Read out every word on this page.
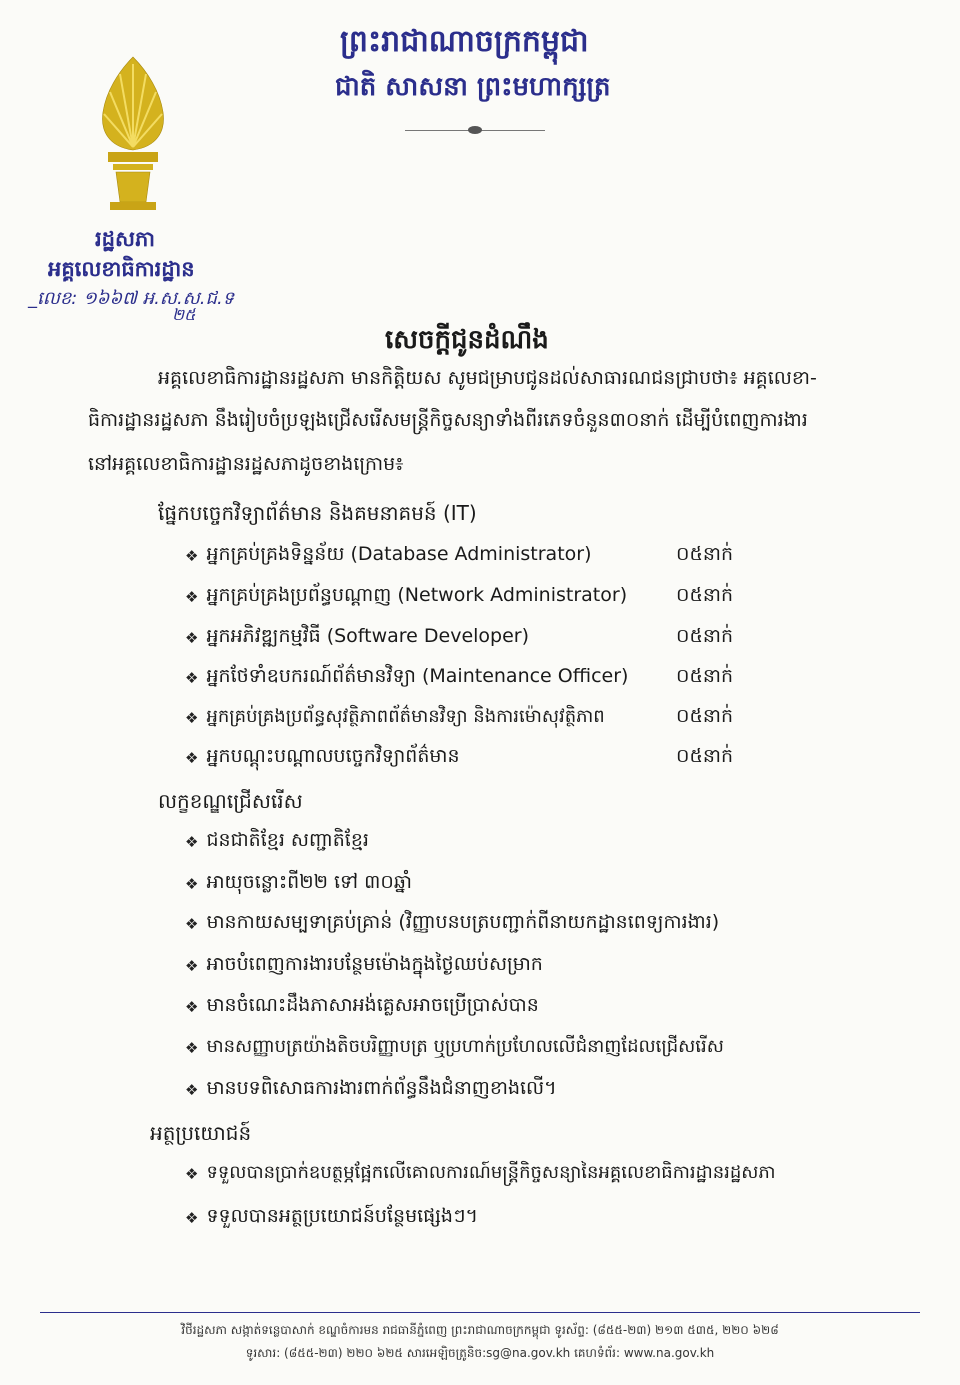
ព្រះរាជាណាចក្រកម្ពុជា
ជាតិ សាសនា ព្រះមហាក្សត្រ
រដ្ឋសភា
អគ្គលេខាធិការដ្ឋាន
_លេខ: ១៦៦៧ អ.ស.ស.ជ.ទ
២៥
សេចក្ដីជូនដំណឹង
អគ្គលេខាធិការដ្ឋានរដ្ឋសភា មានកិត្តិយស សូមជម្រាបជូនដល់សាធារណជនជ្រាបថា៖ អគ្គលេខា-
ធិការដ្ឋានរដ្ឋសភា នឹងរៀបចំប្រឡងជ្រើសរើសមន្ត្រីកិច្ចសន្យាទាំងពីរភេទចំនួន៣០នាក់ ដើម្បីបំពេញការងារ
នៅអគ្គលេខាធិការដ្ឋានរដ្ឋសភាដូចខាងក្រោម៖
ផ្នែកបច្ចេកវិទ្យាព័ត៌មាន និងគមនាគមន៍ (IT)
❖ អ្នកគ្រប់គ្រងទិន្នន័យ (Database Administrator)	០៥នាក់
❖ អ្នកគ្រប់គ្រងប្រព័ន្ធបណ្ដាញ (Network Administrator)	០៥នាក់
❖ អ្នកអភិវឌ្ឍកម្មវិធី (Software Developer)	០៥នាក់
❖ អ្នកថែទាំឧបករណ៍ព័ត៌មានវិទ្យា (Maintenance Officer)	០៥នាក់
❖ អ្នកគ្រប់គ្រងប្រព័ន្ធសុវត្ថិភាពព័ត៌មានវិទ្យា និងការម៉ោសុវត្ថិភាព	០៥នាក់
❖ អ្នកបណ្ដុះបណ្ដាលបច្ចេកវិទ្យាព័ត៌មាន	០៥នាក់
លក្ខខណ្ឌជ្រើសរើស
❖ ជនជាតិខ្មែរ សញ្ជាតិខ្មែរ
❖ អាយុចន្លោះពី២២ ទៅ ៣០ឆ្នាំ
❖ មានកាយសម្បទាគ្រប់គ្រាន់ (វិញ្ញាបនបត្របញ្ជាក់ពីនាយកដ្ឋានពេទ្យការងារ)
❖ អាចបំពេញការងារបន្ថែមម៉ោងក្នុងថ្ងៃឈប់សម្រាក
❖ មានចំណេះដឹងភាសាអង់គ្លេសអាចប្រើប្រាស់បាន
❖ មានសញ្ញាបត្រយ៉ាងតិចបរិញ្ញាបត្រ ឬប្រហាក់ប្រហែលលើជំនាញដែលជ្រើសរើស
❖ មានបទពិសោធការងារពាក់ព័ន្ធនឹងជំនាញខាងលើ។
អត្ថប្រយោជន៍
❖ ទទួលបានប្រាក់ឧបត្ថម្ភផ្អែកលើគោលការណ៍មន្ត្រីកិច្ចសន្យានៃអគ្គលេខាធិការដ្ឋានរដ្ឋសភា
❖ ទទួលបានអត្ថប្រយោជន៍បន្ថែមផ្សេងៗ។
វិថីរដ្ឋសភា សង្កាត់ទន្លេបាសាក់ ខណ្ឌចំការមន រាជធានីភ្នំពេញ ព្រះរាជាណាចក្រកម្ពុជា ទូរស័ព្ទ: (៨៥៥-២៣) ២១៣ ៥៣៥, ២២០ ៦២៨
ទូរសារ: (៨៥៥-២៣) ២២០ ៦២៥ សារអេឡិចត្រូនិច:sg@na.gov.kh គេហទំព័រ: www.na.gov.kh
